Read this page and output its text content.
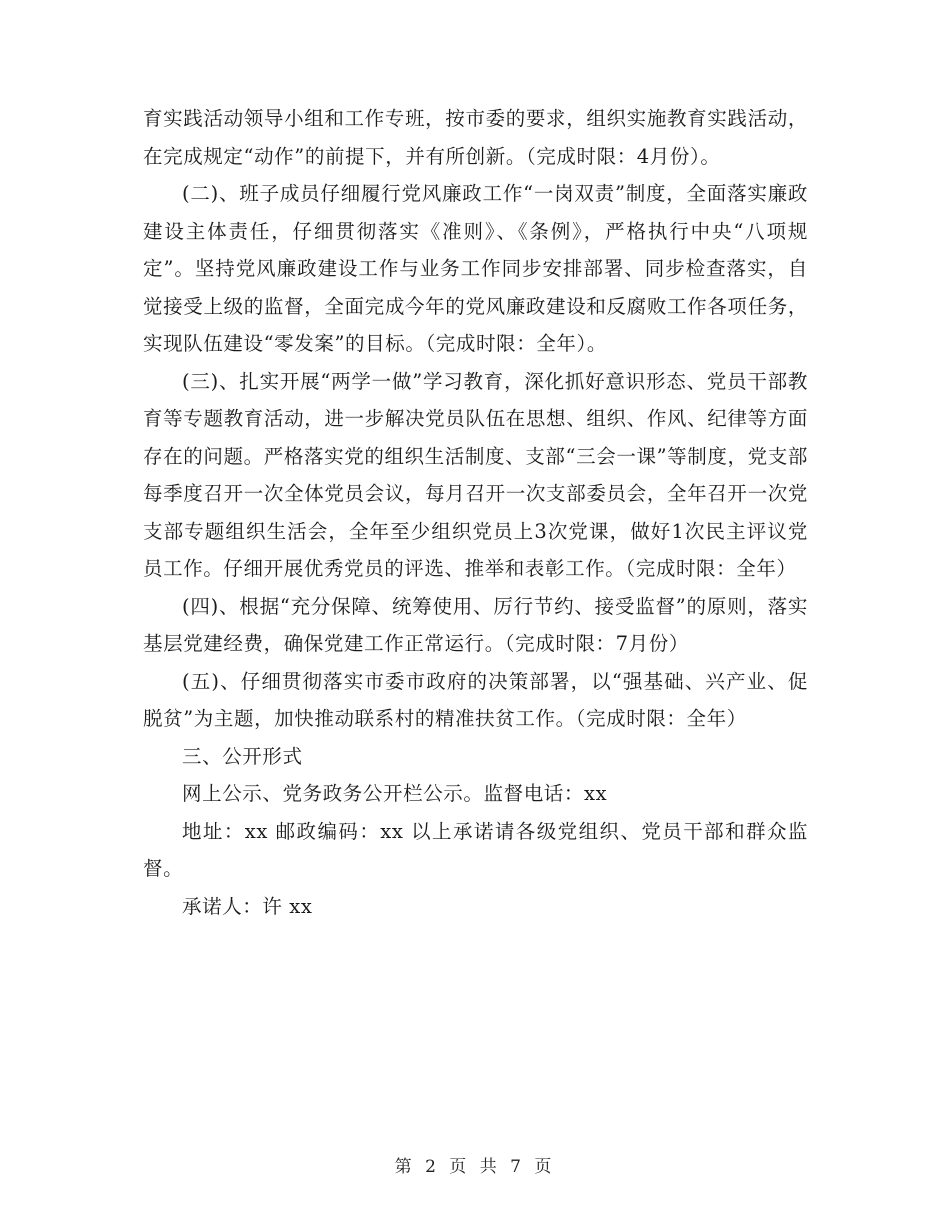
育实践活动领导小组和工作专班，按市委的要求，组织实施教育实践活动，在完成规定“动作”的前提下，并有所创新。（完成时限：4月份）。

(二)、班子成员仔细履行党风廉政工作“一岗双责”制度，全面落实廉政建设主体责任，仔细贯彻落实《准则》、《条例》，严格执行中央“八项规定”。坚持党风廉政建设工作与业务工作同步安排部署、同步检查落实，自觉接受上级的监督，全面完成今年的党风廉政建设和反腐败工作各项任务，实现队伍建设“零发案”的目标。（完成时限：全年）。

(三)、扎实开展“两学一做”学习教育，深化抓好意识形态、党员干部教育等专题教育活动，进一步解决党员队伍在思想、组织、作风、纪律等方面存在的问题。严格落实党的组织生活制度、支部“三会一课”等制度，党支部每季度召开一次全体党员会议，每月召开一次支部委员会，全年召开一次党支部专题组织生活会，全年至少组织党员上3次党课，做好1次民主评议党员工作。仔细开展优秀党员的评选、推举和表彰工作。（完成时限：全年）

(四)、根据“充分保障、统筹使用、厉行节约、接受监督”的原则，落实基层党建经费，确保党建工作正常运行。（完成时限：7月份）

(五)、仔细贯彻落实市委市政府的决策部署，以“强基础、兴产业、促脱贫”为主题，加快推动联系村的精准扶贫工作。（完成时限：全年）

三、公开形式

网上公示、党务政务公开栏公示。监督电话：xx

地址：xx 邮政编码：xx 以上承诺请各级党组织、党员干部和群众监督。

承诺人：许 xx

第 2 页 共 7 页
